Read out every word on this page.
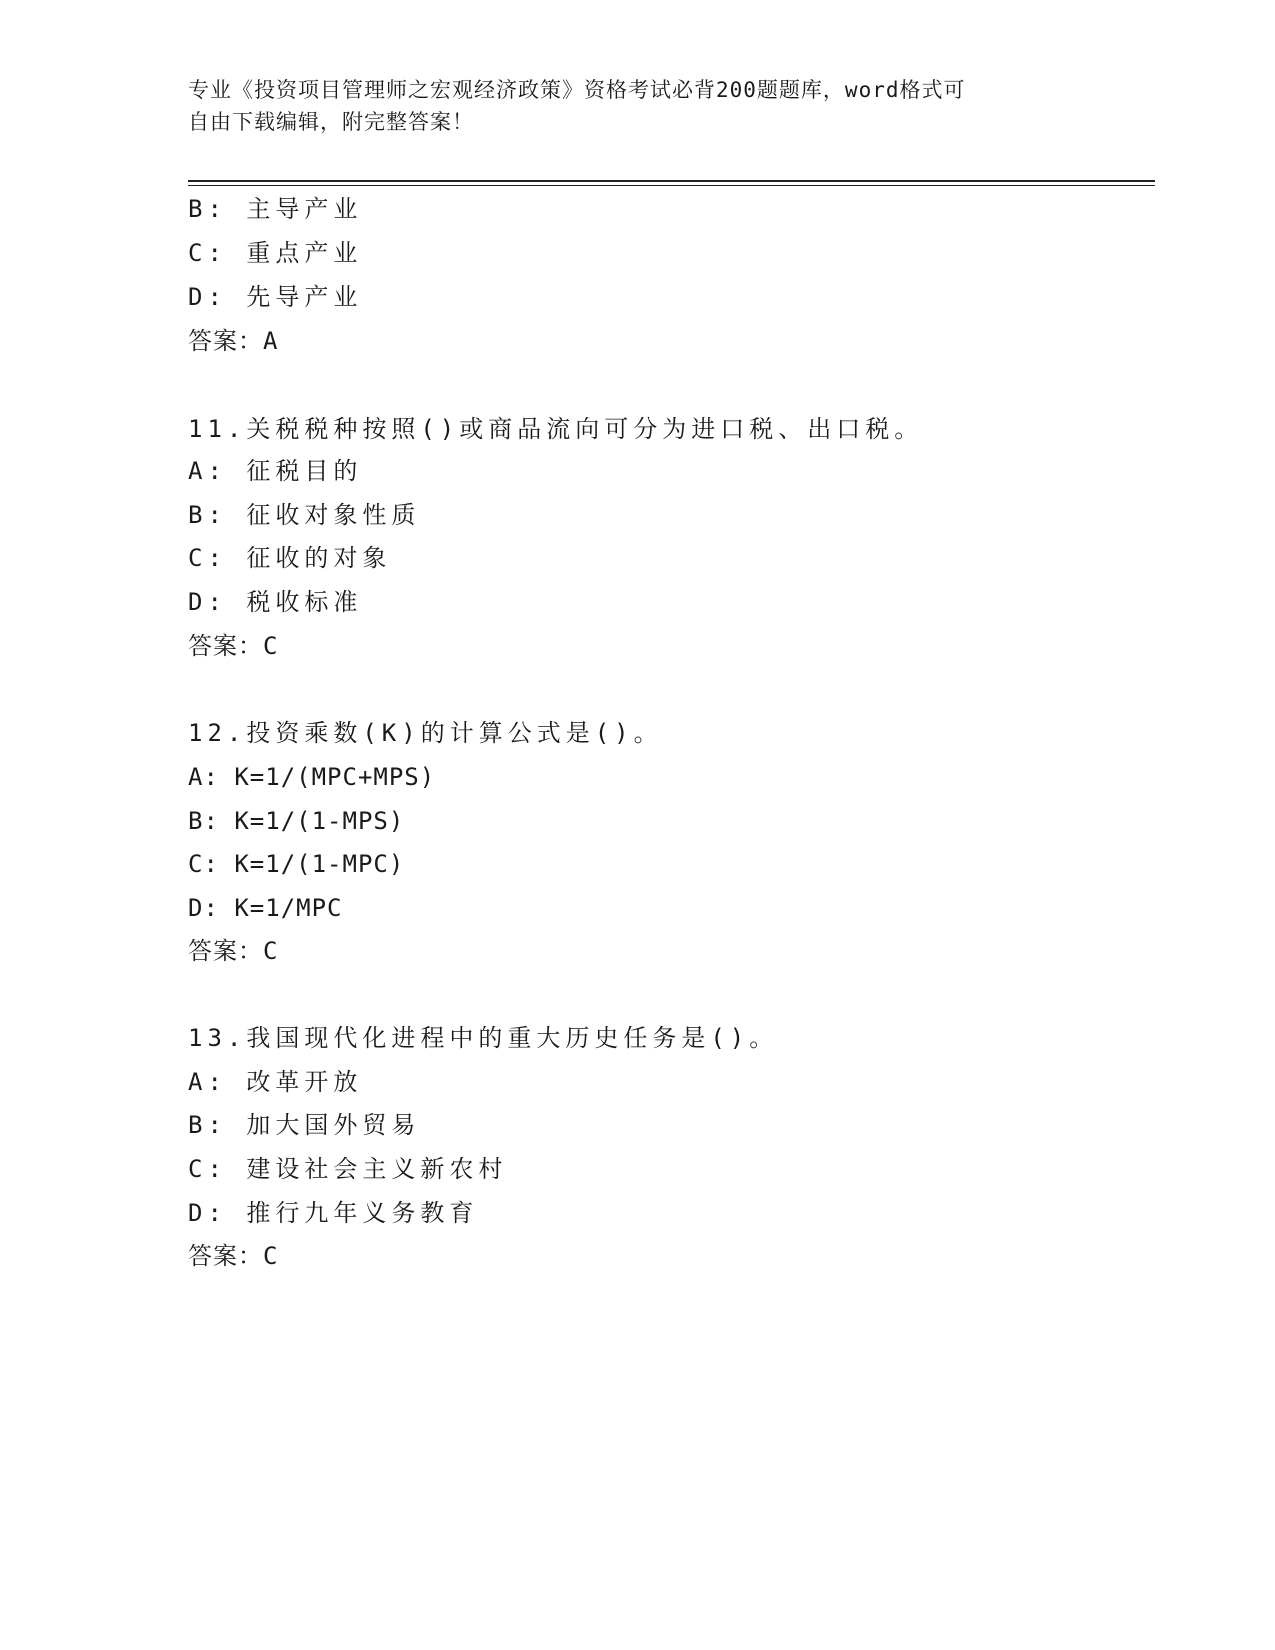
专业《投资项目管理师之宏观经济政策》资格考试必背200题题库，word格式可
自由下载编辑，附完整答案！
B: 主导产业
C: 重点产业
D: 先导产业
答案：A
11.关税税种按照()或商品流向可分为进口税、出口税。
A: 征税目的
B: 征收对象性质
C: 征收的对象
D: 税收标准
答案：C
12.投资乘数(K)的计算公式是()。
A: K=1/(MPC+MPS)
B: K=1/(1-MPS)
C: K=1/(1-MPC)
D: K=1/MPC
答案：C
13.我国现代化进程中的重大历史任务是()。
A: 改革开放
B: 加大国外贸易
C: 建设社会主义新农村
D: 推行九年义务教育
答案：C
